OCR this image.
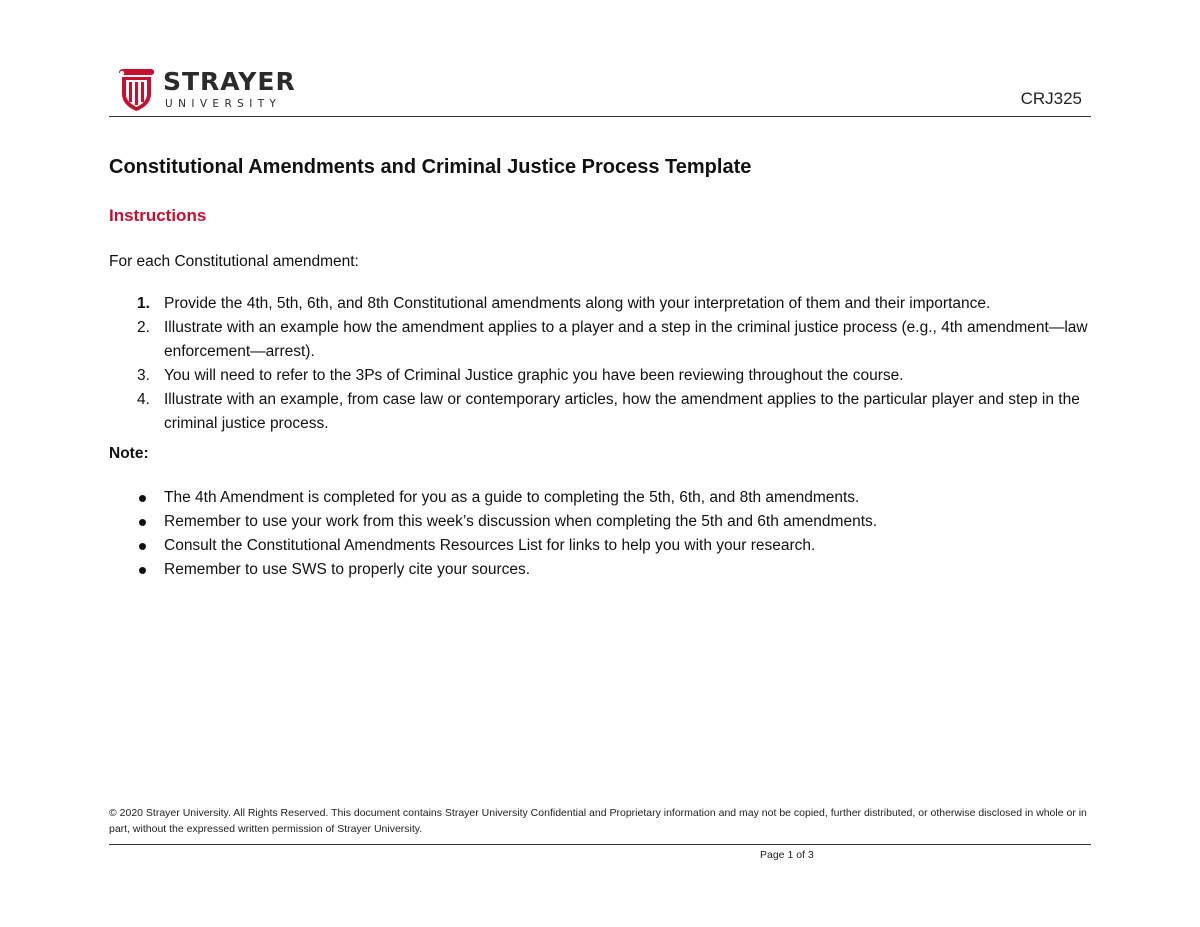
STRAYER
UNIVERSITY	CRJ325
Constitutional Amendments and Criminal Justice Process Template
Instructions
For each Constitutional amendment:
1. Provide the 4th, 5th, 6th, and 8th Constitutional amendments along with your interpretation of them and their importance.
2. Illustrate with an example how the amendment applies to a player and a step in the criminal justice process (e.g., 4th amendment—law enforcement—arrest).
3. You will need to refer to the 3Ps of Criminal Justice graphic you have been reviewing throughout the course.
4. Illustrate with an example, from case law or contemporary articles, how the amendment applies to the particular player and step in the criminal justice process.
Note:
The 4th Amendment is completed for you as a guide to completing the 5th, 6th, and 8th amendments.
Remember to use your work from this week’s discussion when completing the 5th and 6th amendments.
Consult the Constitutional Amendments Resources List for links to help you with your research.
Remember to use SWS to properly cite your sources.
© 2020 Strayer University. All Rights Reserved. This document contains Strayer University Confidential and Proprietary information and may not be copied, further distributed, or otherwise disclosed in whole or in part, without the expressed written permission of Strayer University.
Page 1 of 3
